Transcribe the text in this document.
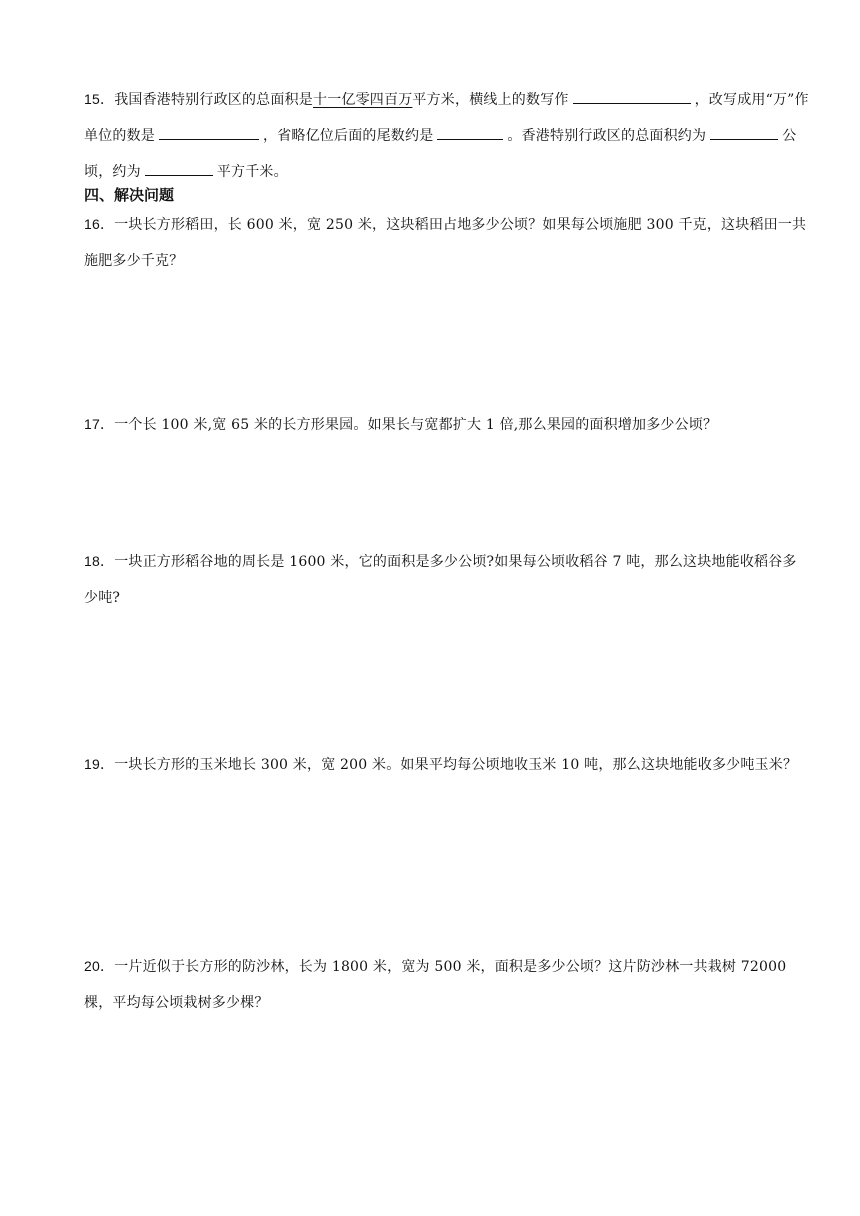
15．我国香港特别行政区的总面积是十一亿零四百万平方米，横线上的数写作	，改写成用“万”作单位的数是	，省略亿位后面的尾数约是	。香港特别行政区的总面积约为	公顷，约为	平方千米。
四、解决问题
16．一块长方形稻田，长 600 米，宽 250 米，这块稻田占地多少公顷？如果每公顷施肥 300 千克，这块稻田一共施肥多少千克？
17．一个长 100 米,宽 65 米的长方形果园。如果长与宽都扩大 1 倍,那么果园的面积增加多少公顷？
18．一块正方形稻谷地的周长是 1600 米，它的面积是多少公顷?如果每公顷收稻谷 7 吨，那么这块地能收稻谷多少吨?
19．一块长方形的玉米地长 300 米，宽 200 米。如果平均每公顷地收玉米 10 吨，那么这块地能收多少吨玉米？
20．一片近似于长方形的防沙林，长为 1800 米，宽为 500 米，面积是多少公顷？这片防沙林一共栽树 72000 棵，平均每公顷栽树多少棵？
